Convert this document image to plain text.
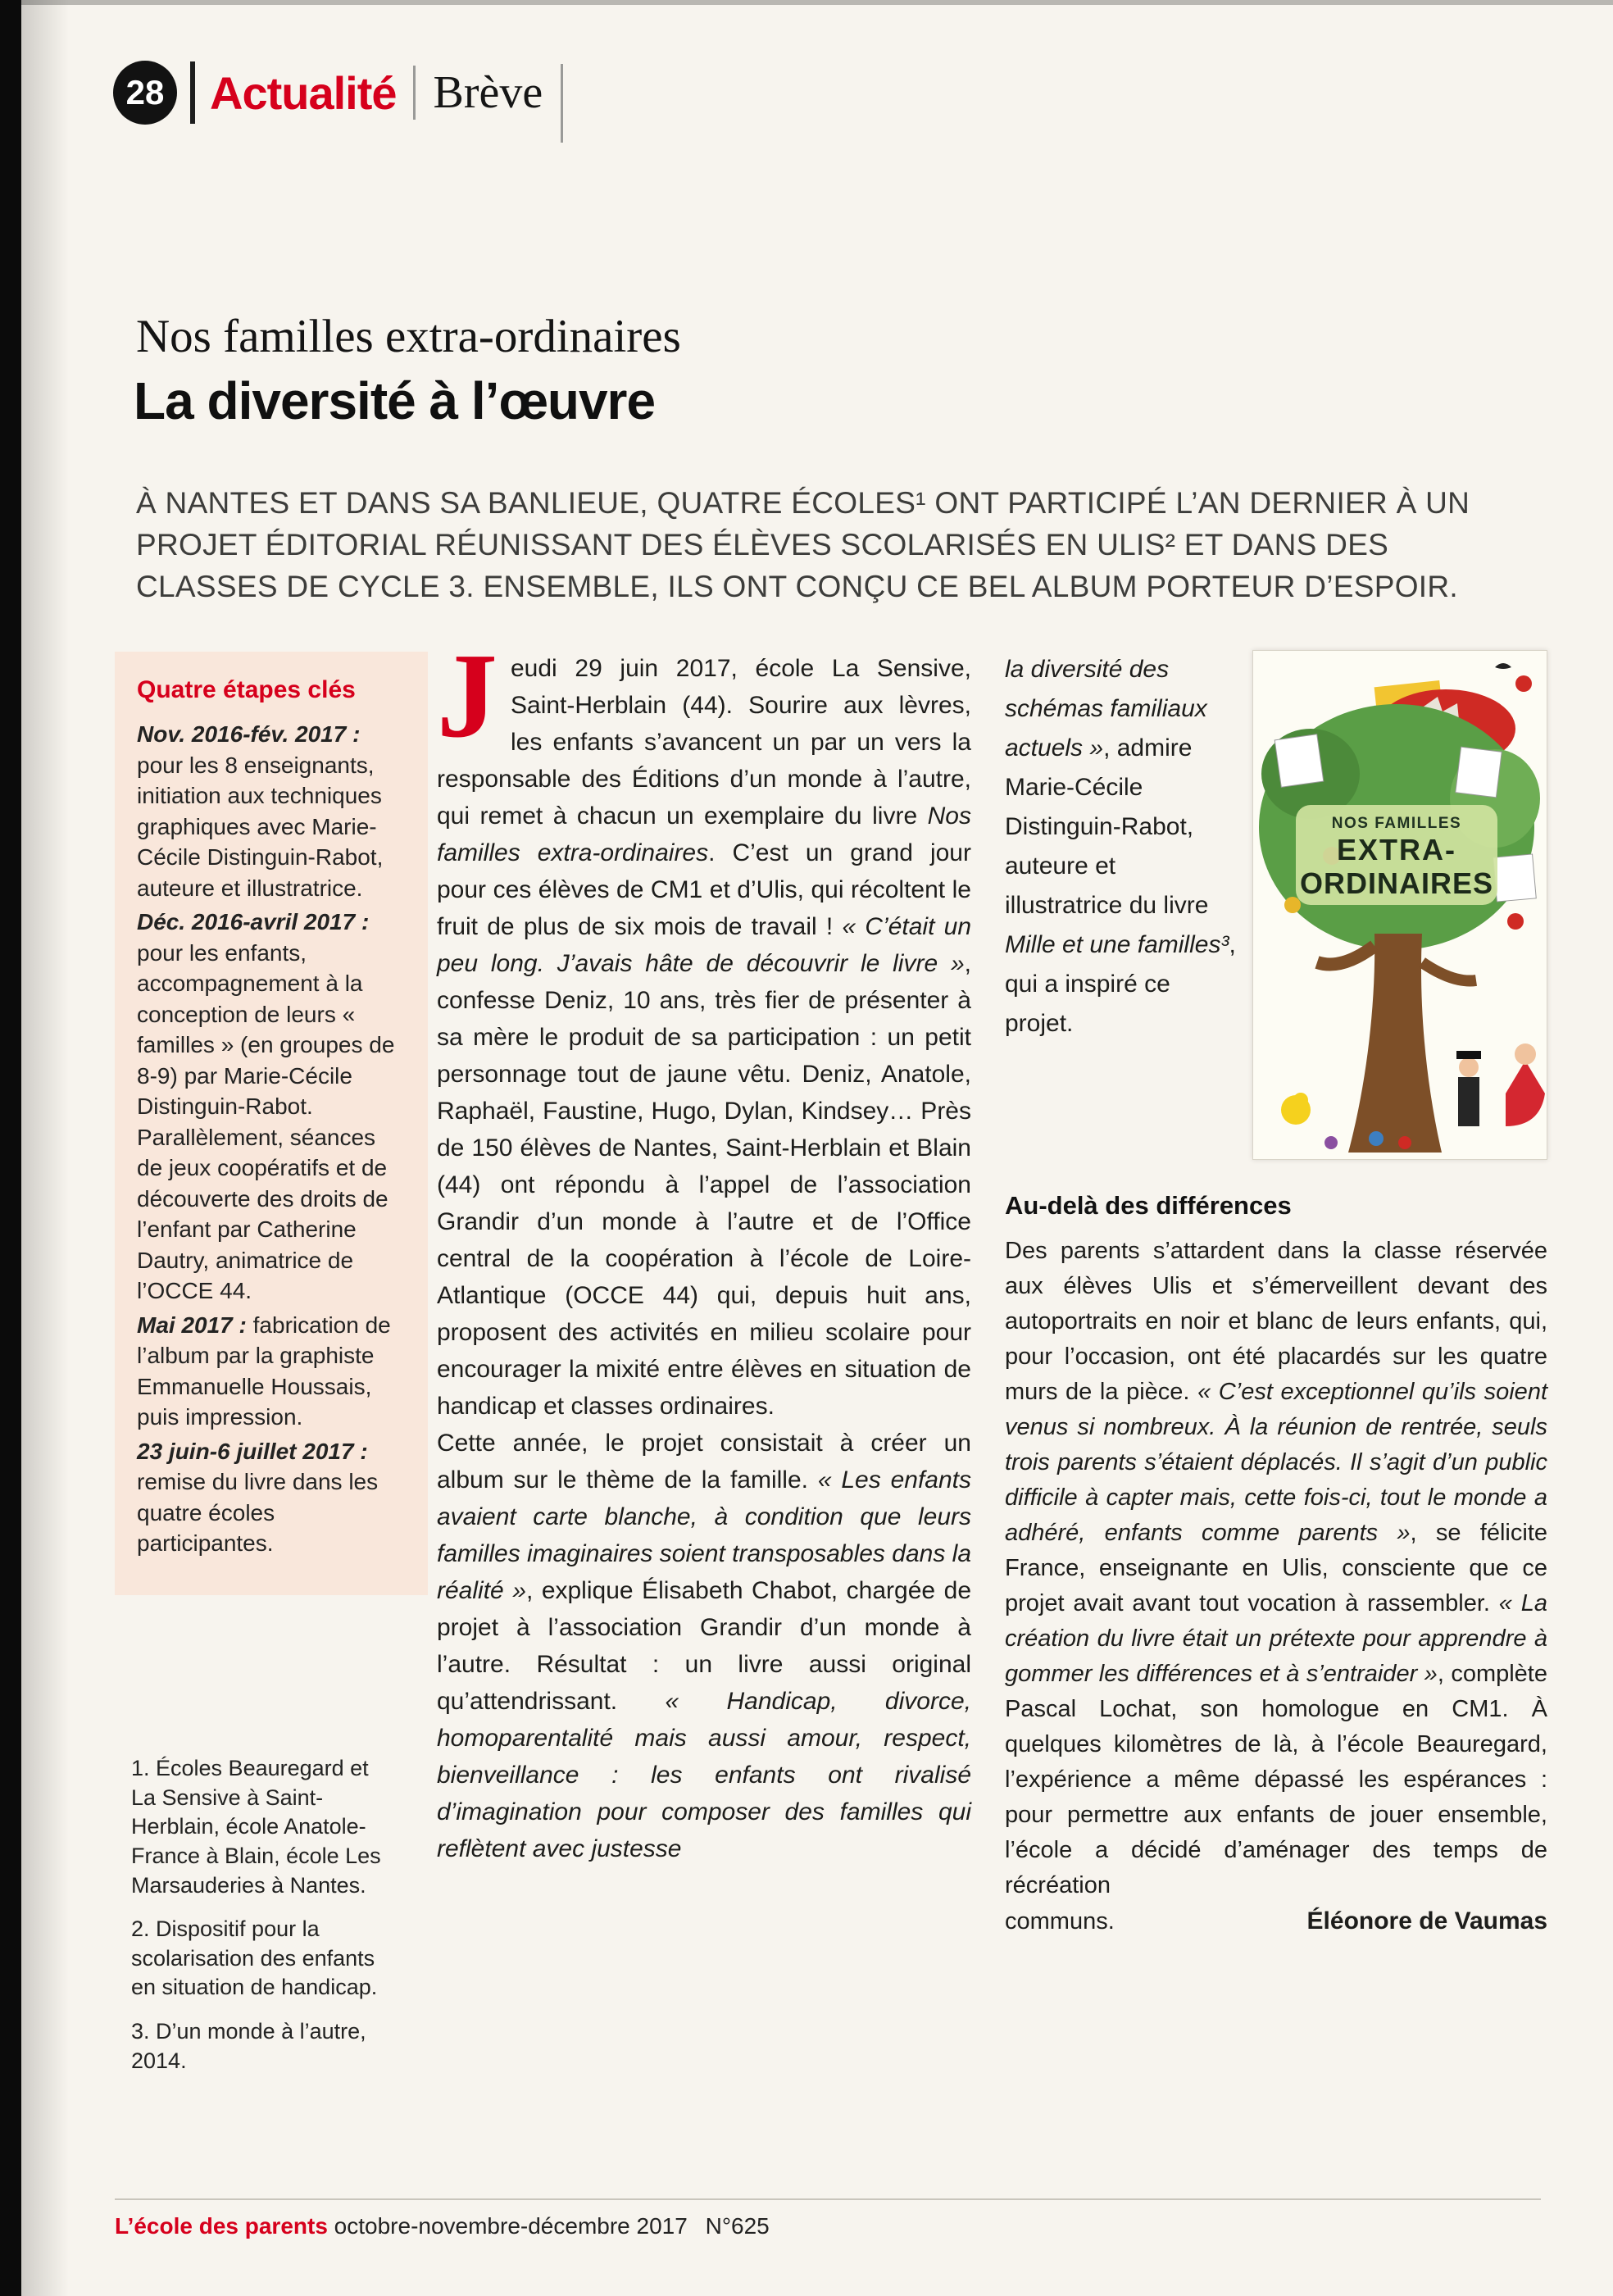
28 Actualité Brève
Nos familles extra-ordinaires
La diversité à l’œuvre
À NANTES ET DANS SA BANLIEUE, QUATRE ÉCOLES¹ ONT PARTICIPÉ L’AN DERNIER À UN PROJET ÉDITORIAL RÉUNISSANT DES ÉLÈVES SCOLARISÉS EN ULIS² ET DANS DES CLASSES DE CYCLE 3. ENSEMBLE, ILS ONT CONÇU CE BEL ALBUM PORTEUR D’ESPOIR.

Quatre étapes clés

Nov. 2016-fév. 2017 : pour les 8 enseignants, initiation aux techniques graphiques avec Marie-Cécile Distinguin-Rabot, auteure et illustratrice.

Déc. 2016-avril 2017 : pour les enfants, accompagnement à la conception de leurs « familles » (en groupes de 8-9) par Marie-Cécile Distinguin-Rabot. Parallèlement, séances de jeux coopératifs et de découverte des droits de l’enfant par Catherine Dautry, animatrice de l’OCCE 44.

Mai 2017 : fabrication de l’album par la graphiste Emmanuelle Houssais, puis impression.

23 juin-6 juillet 2017 : remise du livre dans les quatre écoles participantes.

1. Écoles Beauregard et La Sensive à Saint-Herblain, école Anatole-France à Blain, école Les Marsauderies à Nantes.

2. Dispositif pour la scolarisation des enfants en situation de handicap.

3. D’un monde à l’autre, 2014.

Jeudi 29 juin 2017, école La Sensive, Saint-Herblain (44). Sourire aux lèvres, les enfants s’avancent un par un vers la responsable des Éditions d’un monde à l’autre, qui remet à chacun un exemplaire du livre Nos familles extra-ordinaires. C’est un grand jour pour ces élèves de CM1 et d’Ulis, qui récoltent le fruit de plus de six mois de travail ! « C’était un peu long. J’avais hâte de découvrir le livre », confesse Deniz, 10 ans, très fier de présenter à sa mère le produit de sa participation : un petit personnage tout de jaune vêtu. Deniz, Anatole, Raphaël, Faustine, Hugo, Dylan, Kindsey… Près de 150 élèves de Nantes, Saint-Herblain et Blain (44) ont répondu à l’appel de l’association Grandir d’un monde à l’autre et de l’Office central de la coopération à l’école de Loire-Atlantique (OCCE 44) qui, depuis huit ans, proposent des activités en milieu scolaire pour encourager la mixité entre élèves en situation de handicap et classes ordinaires.

Cette année, le projet consistait à créer un album sur le thème de la famille. « Les enfants avaient carte blanche, à condition que leurs familles imaginaires soient transposables dans la réalité », explique Élisabeth Chabot, chargée de projet à l’association Grandir d’un monde à l’autre. Résultat : un livre aussi original qu’attendrissant. « Handicap, divorce, homoparentalité mais aussi amour, respect, bienveillance : les enfants ont rivalisé d’imagination pour composer des familles qui reflètent avec justesse

la diversité des schémas familiaux actuels », admire Marie-Cécile Distinguin-Rabot, auteure et illustratrice du livre Mille et une familles³, qui a inspiré ce projet.

NOS FAMILLES
EXTRA-
ORDINAIRES

Au-delà des différences

Des parents s’attardent dans la classe réservée aux élèves Ulis et s’émerveillent devant des autoportraits en noir et blanc de leurs enfants, qui, pour l’occasion, ont été placardés sur les quatre murs de la pièce. « C’est exceptionnel qu’ils soient venus si nombreux. À la réunion de rentrée, seuls trois parents s’étaient déplacés. Il s’agit d’un public difficile à capter mais, cette fois-ci, tout le monde a adhéré, enfants comme parents », se félicite France, enseignante en Ulis, consciente que ce projet avait avant tout vocation à rassembler. « La création du livre était un prétexte pour apprendre à gommer les différences et à s’entraider », complète Pascal Lochat, son homologue en CM1. À quelques kilomètres de là, à l’école Beauregard, l’expérience a même dépassé les espérances : pour permettre aux enfants de jouer ensemble, l’école a décidé d’aménager des temps de récréation

communs.	Éléonore de Vaumas
L’école des parents octobre-novembre-décembre 2017 N°625
